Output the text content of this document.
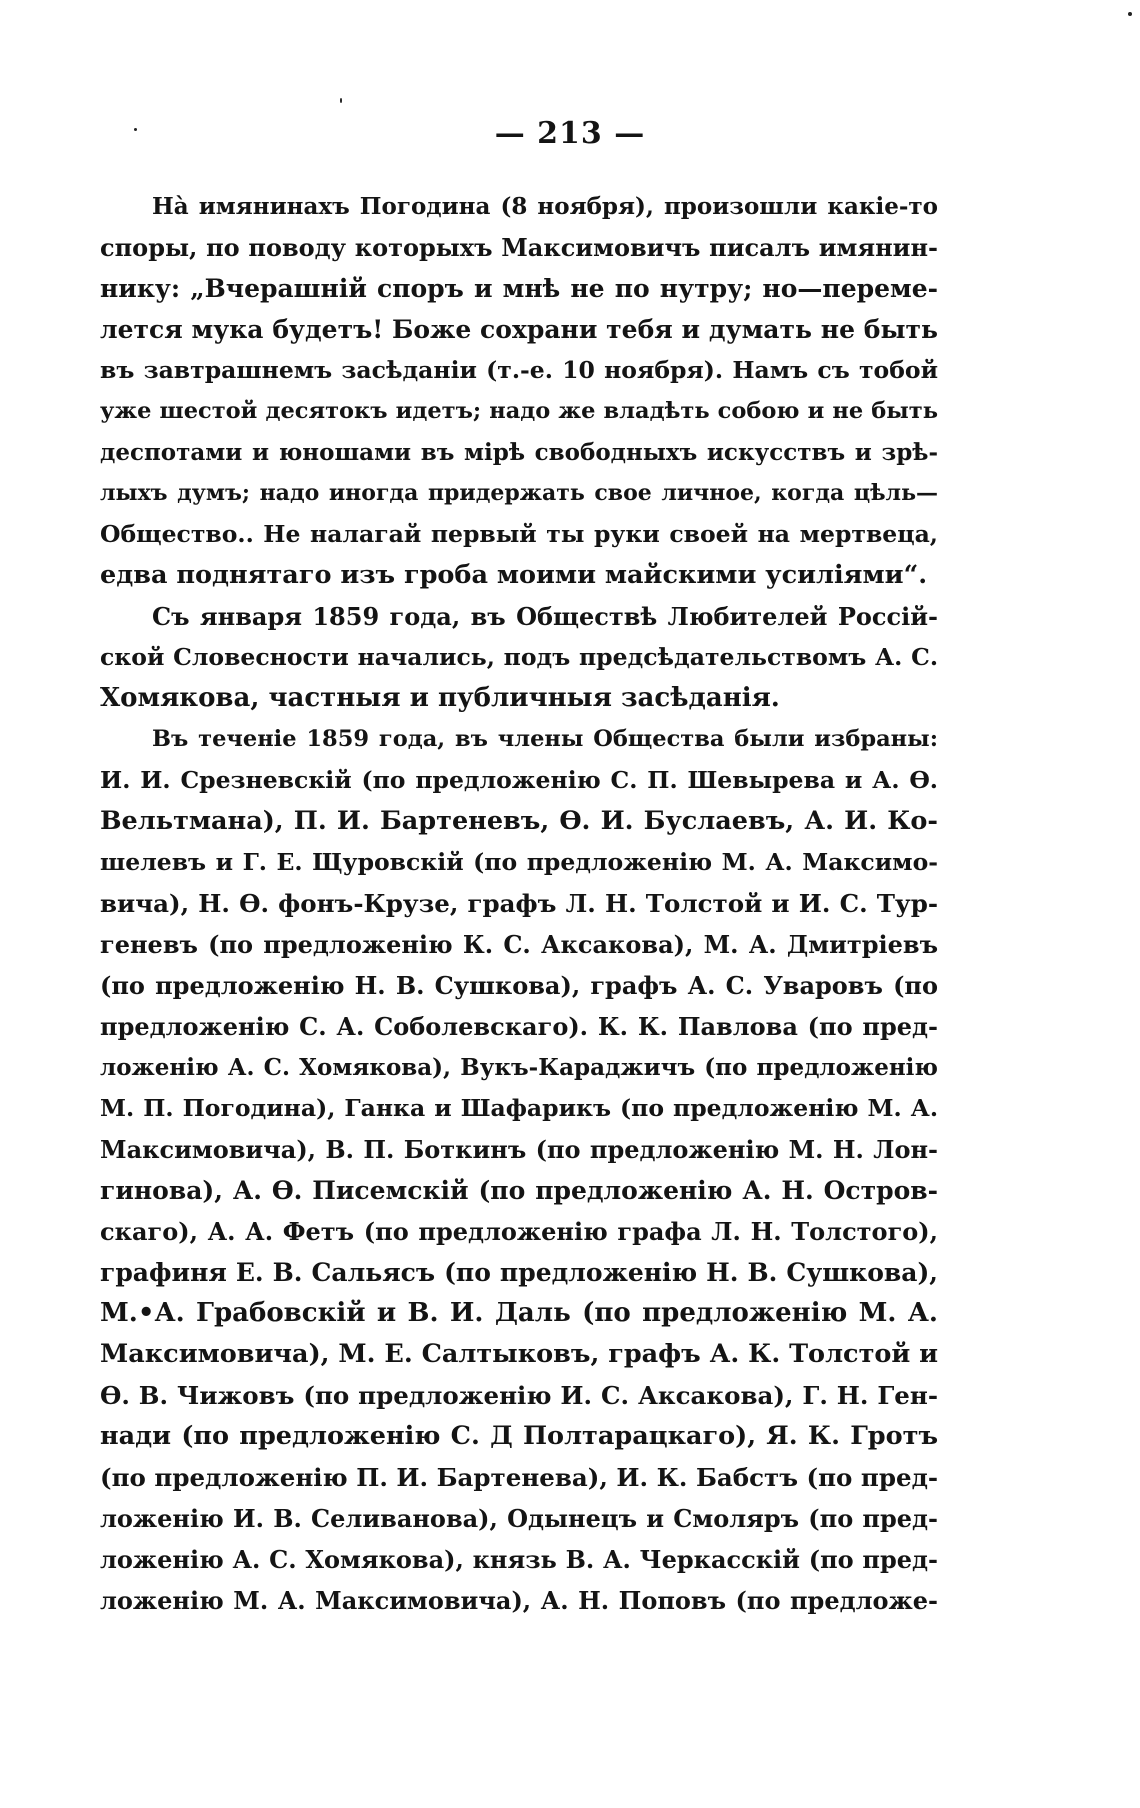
— 213 —
Нà имянинахъ Погодина (8 ноября), произошли какіе-то
споры, по поводу которыхъ Максимовичъ писалъ имянин-
нику: „Вчерашній споръ и мнѣ не по нутру; но—переме-
лется мука будетъ! Боже сохрани тебя и думать не быть
въ завтрашнемъ засѣданіи (т.-е. 10 ноября). Намъ съ тобой
уже шестой десятокъ идетъ; надо же владѣть собою и не быть
деспотами и юношами въ мірѣ свободныхъ искусствъ и зрѣ-
лыхъ думъ; надо иногда придержать свое личное, когда цѣль—
Общество.. Не налагай первый ты руки своей на мертвеца,
едва поднятаго изъ гроба моими майскими усиліями“.
Съ января 1859 года, въ Обществѣ Любителей Россій-
ской Словесности начались, подъ предсѣдательствомъ А. С.
Хомякова, частныя и публичныя засѣданія.
Въ теченіе 1859 года, въ члены Общества были избраны:
И. И. Срезневскій (по предложенію С. П. Шевырева и А. Ѳ.
Вельтмана), П. И. Бартеневъ, Ѳ. И. Буслаевъ, А. И. Ко-
шелевъ и Г. Е. Щуровскій (по предложенію М. А. Максимо-
вича), Н. Ѳ. фонъ-Крузе, графъ Л. Н. Толстой и И. С. Тур-
геневъ (по предложенію К. С. Аксакова), М. А. Дмитріевъ
(по предложенію Н. В. Сушкова), графъ А. С. Уваровъ (по
предложенію С. А. Соболевскаго). К. К. Павлова (по пред-
ложенію А. С. Хомякова), Вукъ-Караджичъ (по предложенію
М. П. Погодина), Ганка и Шафарикъ (по предложенію М. А.
Максимовича), В. П. Боткинъ (по предложенію М. Н. Лон-
гинова), А. Ѳ. Писемскій (по предложенію А. Н. Остров-
скаго), А. А. Фетъ (по предложенію графа Л. Н. Толстого),
графиня Е. В. Сальясъ (по предложенію Н. В. Сушкова),
М.•А. Грабовскій и В. И. Даль (по предложенію М. А.
Максимовича), М. Е. Салтыковъ, графъ А. К. Толстой и
Ѳ. В. Чижовъ (по предложенію И. С. Аксакова), Г. Н. Ген-
нади (по предложенію С. Д Полтарацкаго), Я. К. Гротъ
(по предложенію П. И. Бартенева), И. К. Бабстъ (по пред-
ложенію И. В. Селиванова), Одынецъ и Смоляръ (по пред-
ложенію А. С. Хомякова), князь В. А. Черкасскій (по пред-
ложенію М. А. Максимовича), А. Н. Поповъ (по предложе-
